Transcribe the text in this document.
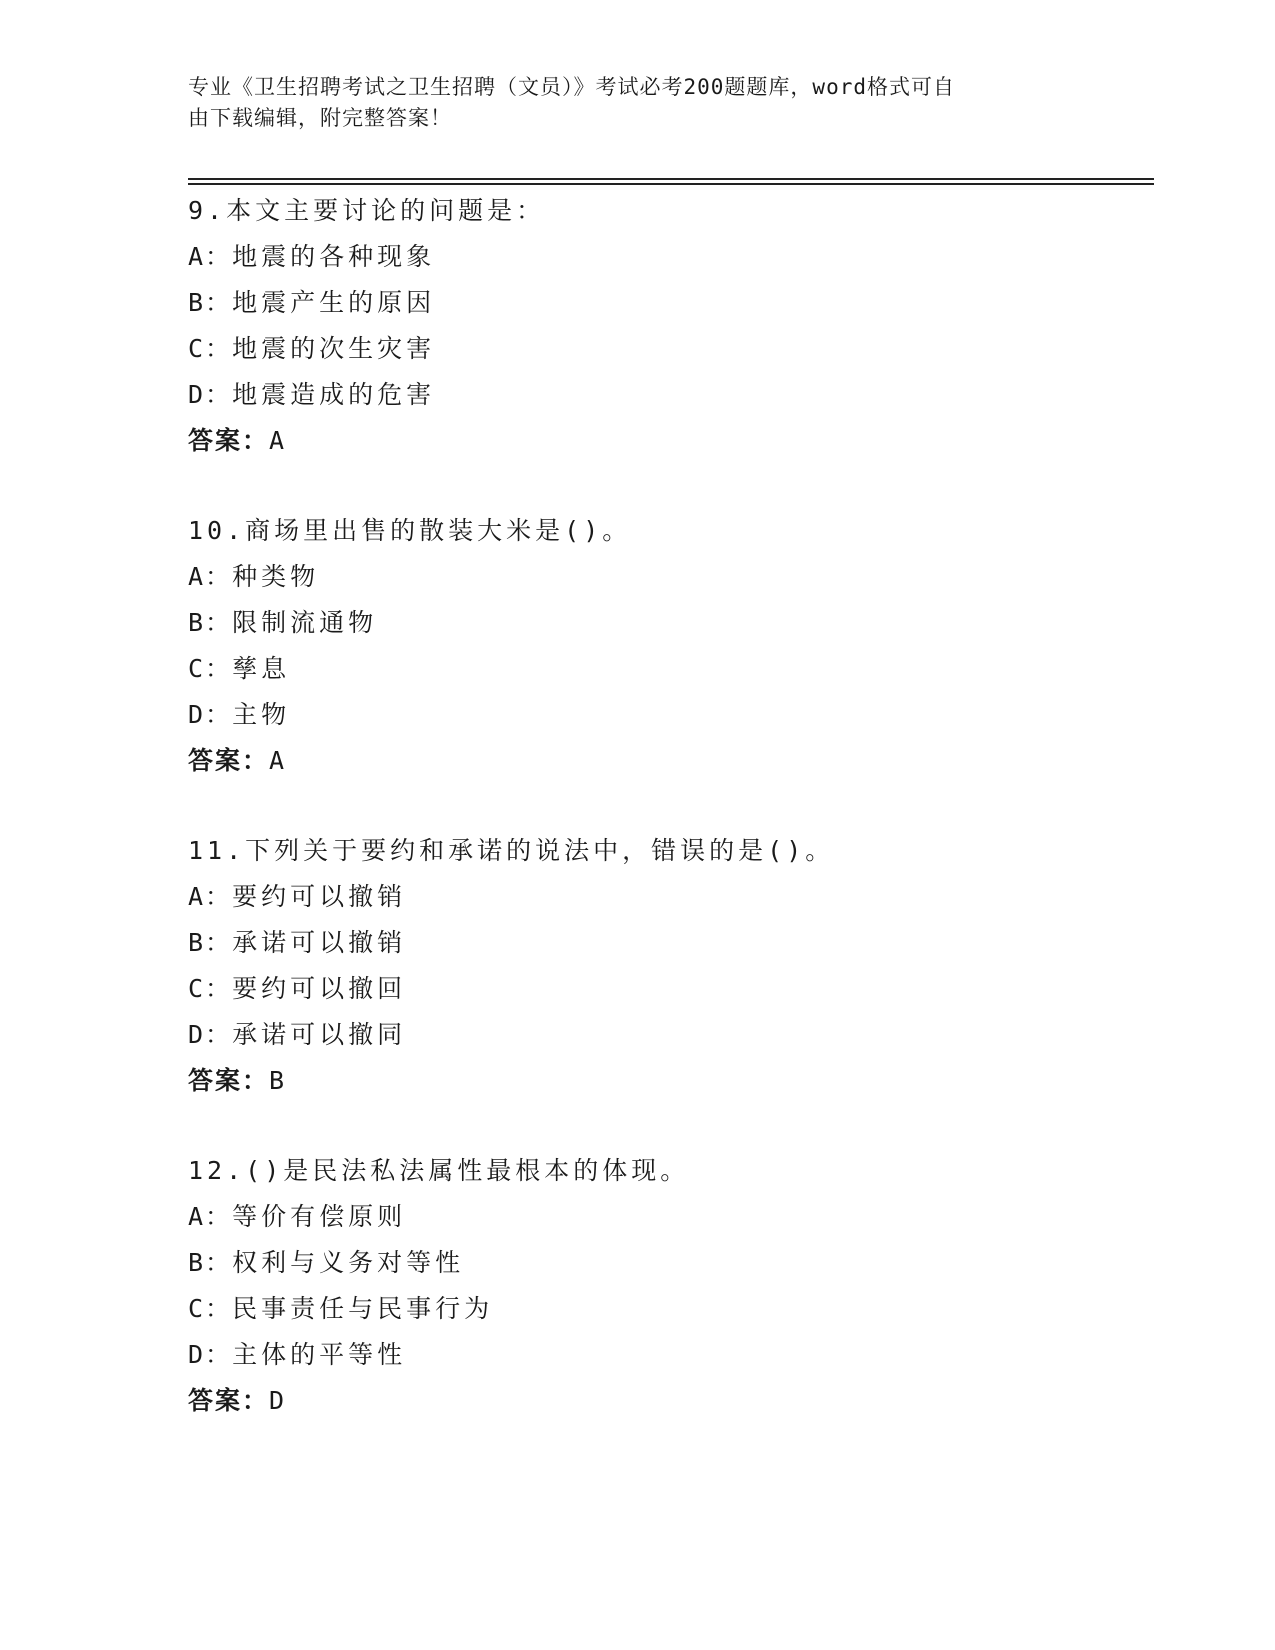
专业《卫生招聘考试之卫生招聘（文员）》考试必考200题题库，word格式可自
由下载编辑，附完整答案！
9.本文主要讨论的问题是：
A：地震的各种现象
B：地震产生的原因
C：地震的次生灾害
D：地震造成的危害
答案：A
10.商场里出售的散装大米是()。
A：种类物
B：限制流通物
C：孳息
D：主物
答案：A
11.下列关于要约和承诺的说法中，错误的是()。
A：要约可以撤销
B：承诺可以撤销
C：要约可以撤回
D：承诺可以撤同
答案：B
12.()是民法私法属性最根本的体现。
A：等价有偿原则
B：权利与义务对等性
C：民事责任与民事行为
D：主体的平等性
答案：D
